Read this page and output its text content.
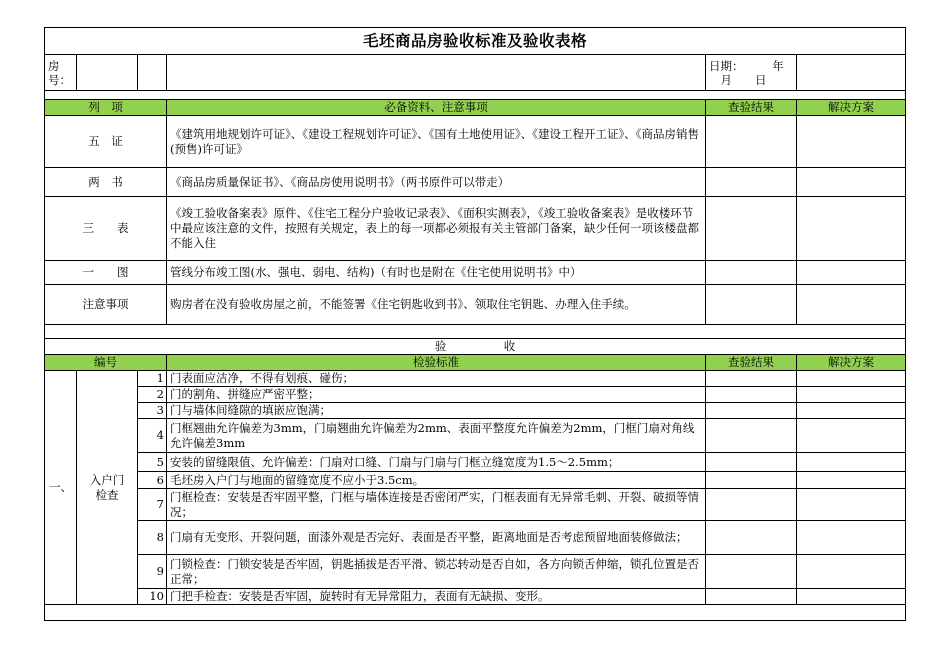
毛坯商品房验收标准及验收表格					
房号：				日期：　　　年
　月　　日	

列　项			必备资料、注意事项	查验结果	解决方案
五　证			《建筑用地规划许可证》、《建设工程规划许可证》、《国有土地使用证》、《建设工程开工证》、《商品房销售(预售)许可证》		
两　书			《商品房质量保证书》、《商品房使用说明书》（两书原件可以带走）		
三　　表			《竣工验收备案表》原件、《住宅工程分户验收记录表》、《面积实测表》，《竣工验收备案表》是收楼环节中最应该注意的文件，按照有关规定，表上的每一项都必须报有关主管部门备案，缺少任何一项该楼盘都不能入住		
一　　图			管线分布竣工图(水、强电、弱电、结构)（有时也是附在《住宅使用说明书》中）		
注意事项			购房者在没有验收房屋之前，不能签署《住宅钥匙收到书》、领取住宅钥匙、办理入住手续。		

验　　　　　收					
编号			检验标准	查验结果	解决方案
一、	入户门检查	1	门表面应洁净，不得有划痕、碰伤；		
		2	门的割角、拼缝应严密平整；		
		3	门与墙体间缝隙的填嵌应饱满；		
		4	门框翘曲允许偏差为3mm，门扇翘曲允许偏差为2mm、表面平整度允许偏差为2mm，门框门扇对角线允许偏差3mm		
		5	安装的留缝限值、允许偏差：门扇对口缝、门扇与门扇与门框立缝宽度为1.5～2.5mm；		
		6	毛坯房入户门与地面的留缝宽度不应小于3.5cm。		
		7	门框检查：安装是否牢固平整，门框与墙体连接是否密闭严实，门框表面有无异常毛刺、开裂、破损等情况；		
		8	门扇有无变形、开裂问题，面漆外观是否完好、表面是否平整，距离地面是否考虑预留地面装修做法；		
		9	门锁检查：门锁安装是否牢固，钥匙插拔是否平滑、锁芯转动是否自如，各方向锁舌伸缩，锁孔位置是否正常；		
		10	门把手检查：安装是否牢固，旋转时有无异常阻力，表面有无缺损、变形。		
